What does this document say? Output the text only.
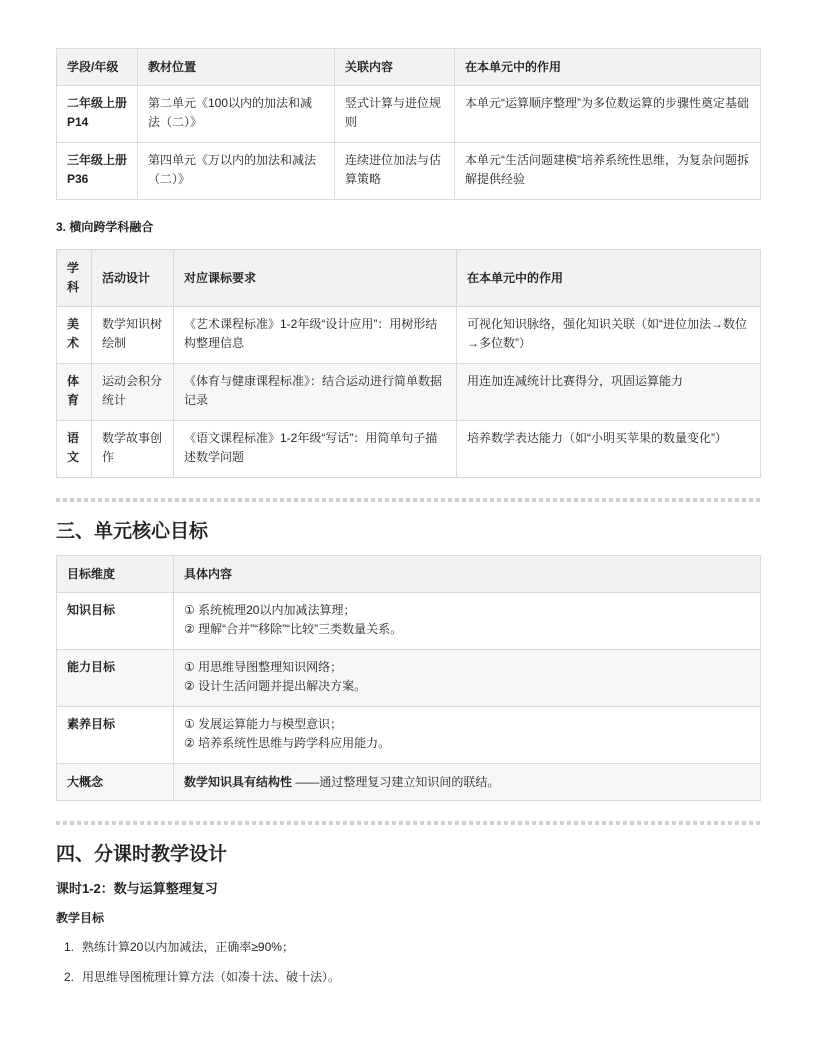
学段/年级	教材位置	关联内容	在本单元中的作用
二年级上册P14	第二单元《100以内的加法和减法（二）》	竖式计算与进位规则	本单元“运算顺序整理”为多位数运算的步骤性奠定基础
三年级上册P36	第四单元《万以内的加法和减法（二）》	连续进位加法与估算策略	本单元“生活问题建模”培养系统性思维，为复杂问题拆解提供经验
3. 横向跨学科融合
学科	活动设计	对应课标要求	在本单元中的作用
美术	数学知识树绘制	《艺术课程标准》1-2年级“设计应用”：用树形结构整理信息	可视化知识脉络，强化知识关联（如“进位加法→数位→多位数”）
体育	运动会积分统计	《体育与健康课程标准》：结合运动进行简单数据记录	用连加连减统计比赛得分，巩固运算能力
语文	数学故事创作	《语文课程标准》1-2年级“写话”：用简单句子描述数学问题	培养数学表达能力（如“小明买苹果的数量变化”）
三、单元核心目标
目标维度	具体内容
知识目标	① 系统梳理20以内加减法算理；
② 理解“合并”“移除”“比较”三类数量关系。

能力目标	① 用思维导图整理知识网络；
② 设计生活问题并提出解决方案。

素养目标	① 发展运算能力与模型意识；
② 培养系统性思维与跨学科应用能力。

大概念	数学知识具有结构性 ——通过整理复习建立知识间的联结。
四、分课时教学设计
课时1-2：数与运算整理复习
教学目标
1. 熟练计算20以内加减法，正确率≥90%；
2. 用思维导图梳理计算方法（如凑十法、破十法）。
